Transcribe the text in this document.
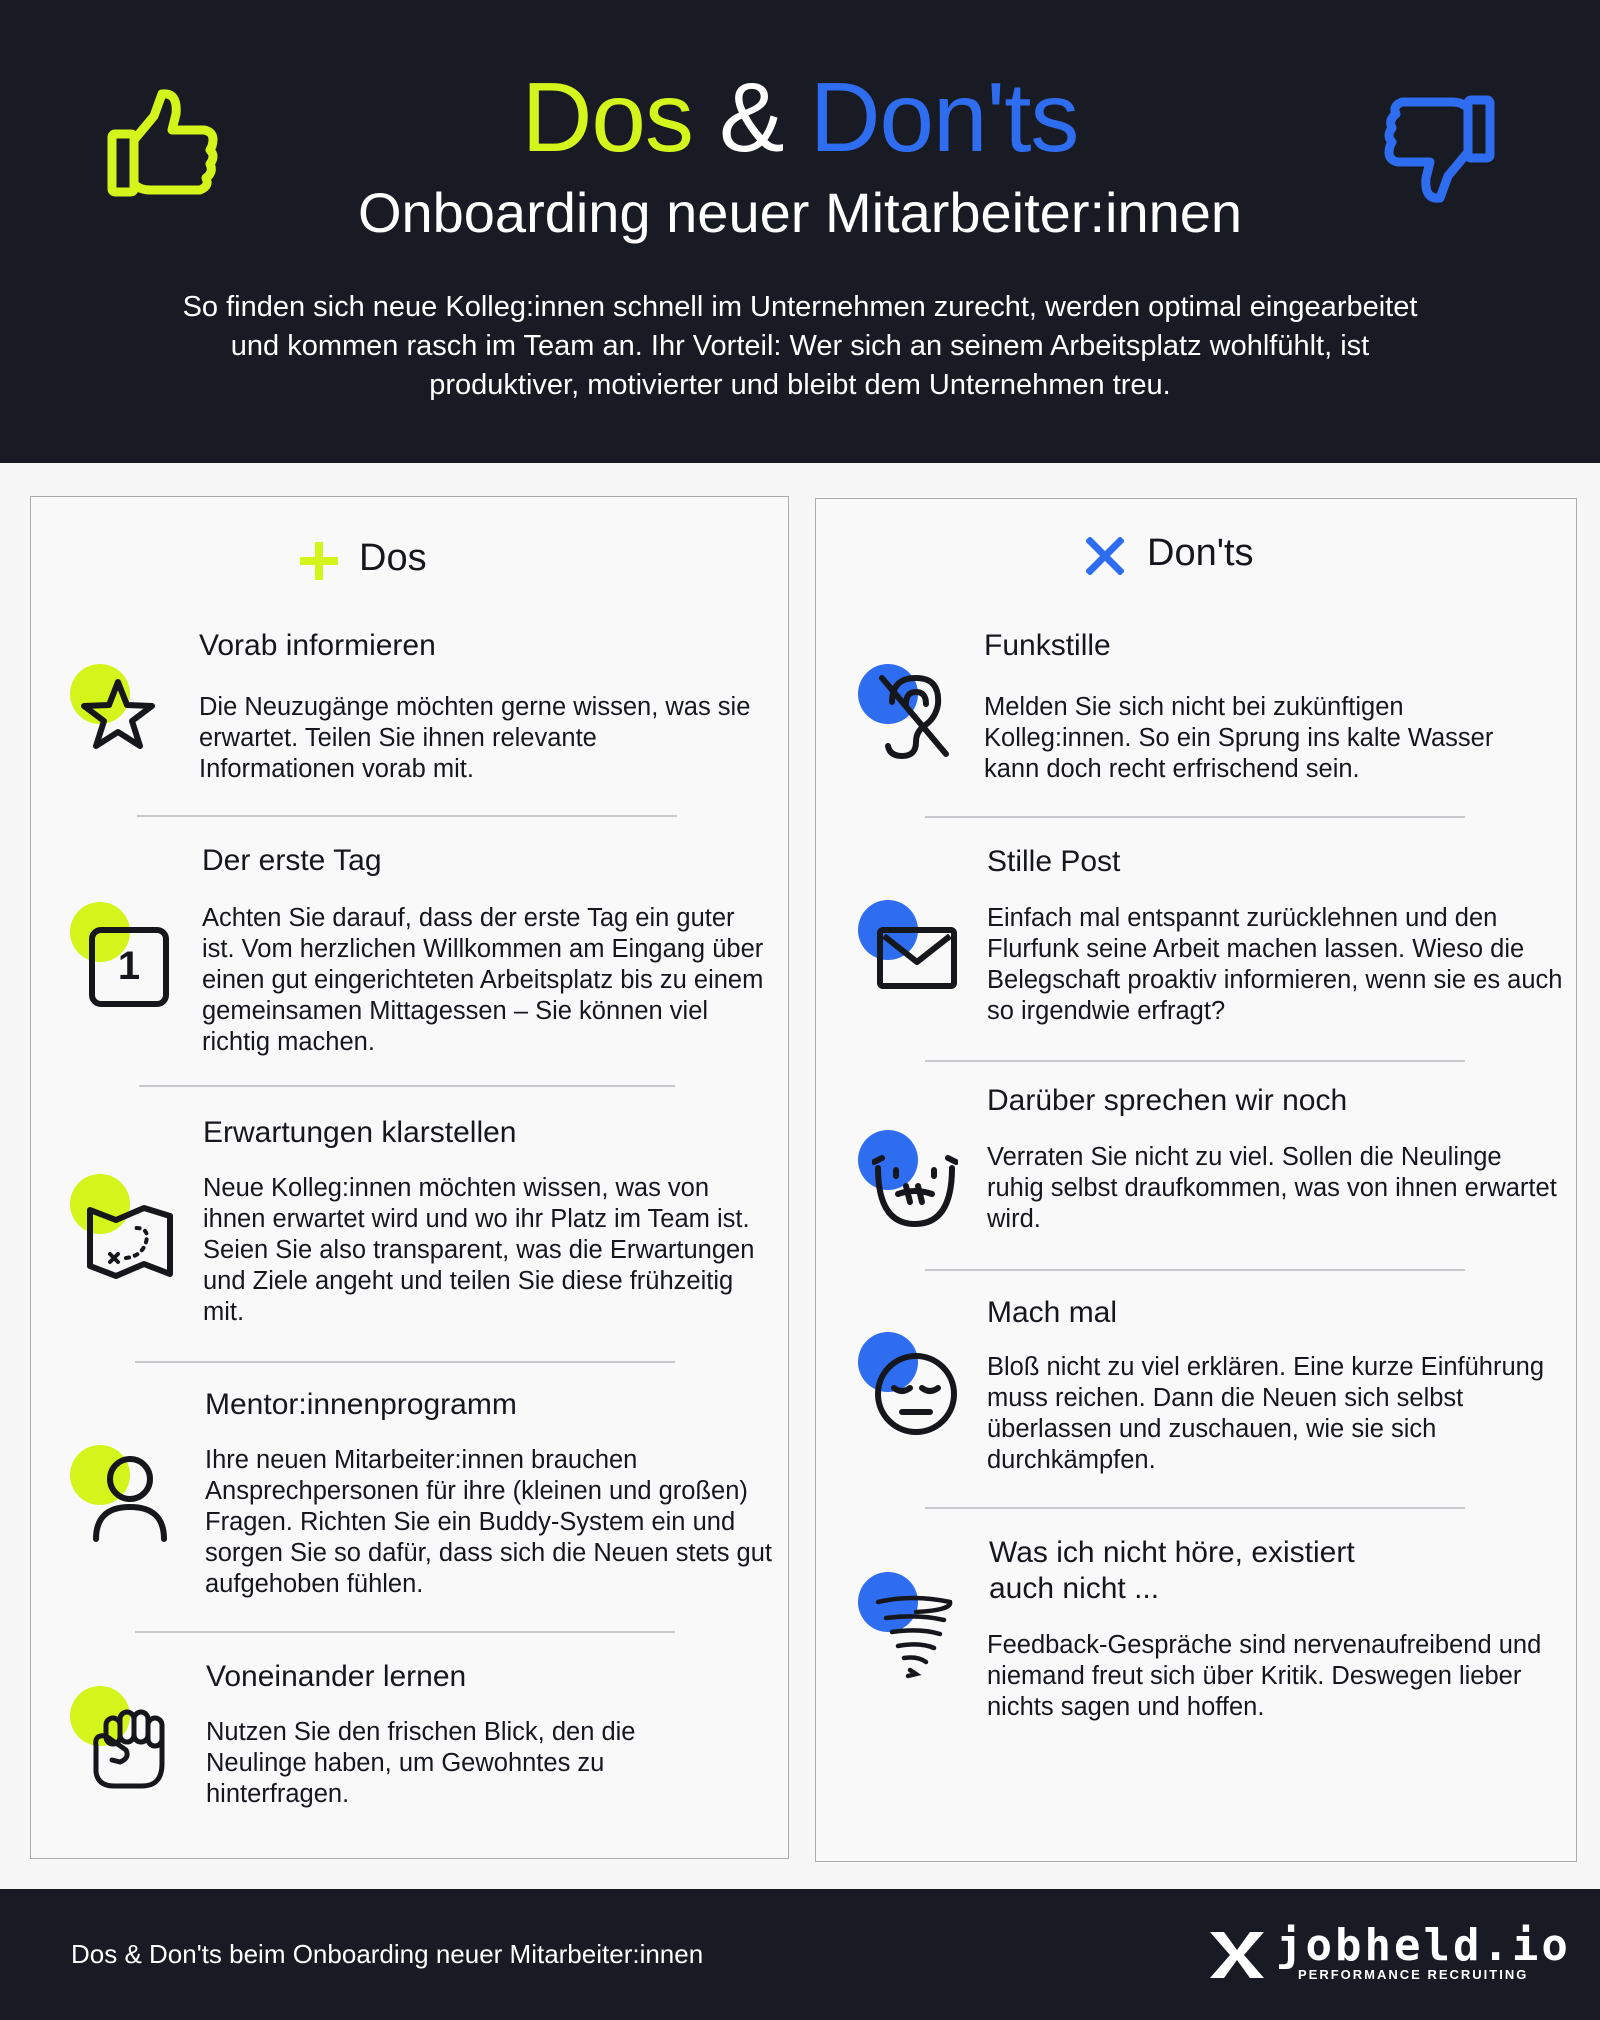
Dos & Don'ts
Onboarding neuer Mitarbeiter:innen
So finden sich neue Kolleg:innen schnell im Unternehmen zurecht, werden optimal eingearbeitet und kommen rasch im Team an. Ihr Vorteil: Wer sich an seinem Arbeitsplatz wohlfühlt, ist produktiver, motivierter und bleibt dem Unternehmen treu.
Dos
Vorab informieren
Die Neuzugänge möchten gerne wissen, was sie erwartet. Teilen Sie ihnen relevante Informationen vorab mit.
1
Der erste Tag
Achten Sie darauf, dass der erste Tag ein guter ist. Vom herzlichen Willkommen am Eingang über einen gut eingerichteten Arbeitsplatz bis zu einem gemeinsamen Mittagessen – Sie können viel richtig machen.
Erwartungen klarstellen
Neue Kolleg:innen möchten wissen, was von ihnen erwartet wird und wo ihr Platz im Team ist. Seien Sie also transparent, was die Erwartungen und Ziele angeht und teilen Sie diese frühzeitig mit.
Mentor:innenprogramm
Ihre neuen Mitarbeiter:innen brauchen Ansprechpersonen für ihre (kleinen und großen) Fragen. Richten Sie ein Buddy-System ein und sorgen Sie so dafür, dass sich die Neuen stets gut aufgehoben fühlen.
Voneinander lernen
Nutzen Sie den frischen Blick, den die Neulinge haben, um Gewohntes zu hinterfragen.
Don'ts
Funkstille
Melden Sie sich nicht bei zukünftigen Kolleg:innen. So ein Sprung ins kalte Wasser kann doch recht erfrischend sein.
Stille Post
Einfach mal entspannt zurücklehnen und den Flurfunk seine Arbeit machen lassen. Wieso die Belegschaft proaktiv informieren, wenn sie es auch so irgendwie erfragt?
Darüber sprechen wir noch
Verraten Sie nicht zu viel. Sollen die Neulinge ruhig selbst draufkommen, was von ihnen erwartet wird.
Mach mal
Bloß nicht zu viel erklären. Eine kurze Einführung muss reichen. Dann die Neuen sich selbst überlassen und zuschauen, wie sie sich durchkämpfen.
Was ich nicht höre, existiert auch nicht ...
Feedback-Gespräche sind nervenaufreibend und niemand freut sich über Kritik. Deswegen lieber nichts sagen und hoffen.
Dos & Don'ts beim Onboarding neuer Mitarbeiter:innen	jobheld.io
PERFORMANCE RECRUITING
